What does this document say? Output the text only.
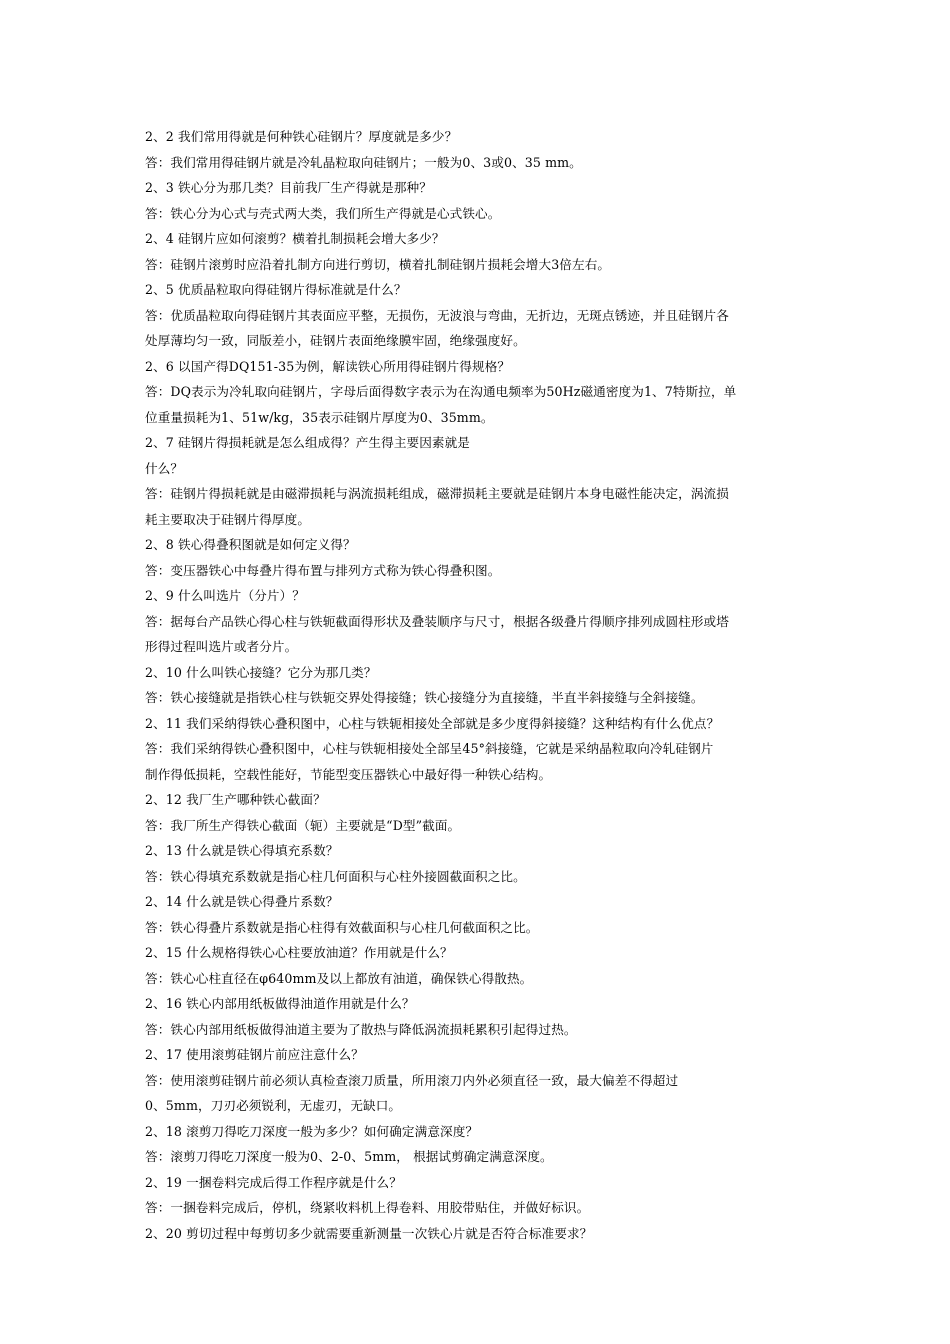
2、2 我们常用得就是何种铁心硅钢片？厚度就是多少？
答：我们常用得硅钢片就是冷轧晶粒取向硅钢片；一般为0、3或0、35 mm。
2、3 铁心分为那几类？目前我厂生产得就是那种？
答：铁心分为心式与壳式两大类，我们所生产得就是心式铁心。
2、4 硅钢片应如何滚剪？横着扎制损耗会增大多少？
答：硅钢片滚剪时应沿着扎制方向进行剪切，横着扎制硅钢片损耗会增大3倍左右。
2、5 优质晶粒取向得硅钢片得标准就是什么？
答：优质晶粒取向得硅钢片其表面应平整，无损伤，无波浪与弯曲，无折边，无斑点锈迹，并且硅钢片各
处厚薄均匀一致，同版差小，硅钢片表面绝缘膜牢固，绝缘强度好。
2、6 以国产得DQ151-35为例，解读铁心所用得硅钢片得规格？
答：DQ表示为冷轧取向硅钢片，字母后面得数字表示为在沟通电频率为50Hz磁通密度为1、7特斯拉，单
位重量损耗为1、51w/kg，35表示硅钢片厚度为0、35mm。
2、7 硅钢片得损耗就是怎么组成得？产生得主要因素就是
什么？
答：硅钢片得损耗就是由磁滞损耗与涡流损耗组成，磁滞损耗主要就是硅钢片本身电磁性能决定，涡流损
耗主要取决于硅钢片得厚度。
2、8 铁心得叠积图就是如何定义得？
答：变压器铁心中每叠片得布置与排列方式称为铁心得叠积图。
2、9 什么叫选片（分片）？
答：据每台产品铁心得心柱与铁轭截面得形状及叠装顺序与尺寸，根据各级叠片得顺序排列成圆柱形或塔
形得过程叫选片或者分片。
2、10 什么叫铁心接缝？它分为那几类？
答：铁心接缝就是指铁心柱与铁轭交界处得接缝；铁心接缝分为直接缝，半直半斜接缝与全斜接缝。
2、11 我们采纳得铁心叠积图中，心柱与铁轭相接处全部就是多少度得斜接缝？这种结构有什么优点？
答：我们采纳得铁心叠积图中，心柱与铁轭相接处全部呈45°斜接缝，它就是采纳晶粒取向冷轧硅钢片
制作得低损耗，空载性能好，节能型变压器铁心中最好得一种铁心结构。
2、12 我厂生产哪种铁心截面？
答：我厂所生产得铁心截面（轭）主要就是“D型”截面。
2、13 什么就是铁心得填充系数？
答：铁心得填充系数就是指心柱几何面积与心柱外接圆截面积之比。
2、14 什么就是铁心得叠片系数？
答：铁心得叠片系数就是指心柱得有效截面积与心柱几何截面积之比。
2、15 什么规格得铁心心柱要放油道？作用就是什么？
答：铁心心柱直径在φ640mm及以上都放有油道，确保铁心得散热。
2、16 铁心内部用纸板做得油道作用就是什么？
答：铁心内部用纸板做得油道主要为了散热与降低涡流损耗累积引起得过热。
2、17 使用滚剪硅钢片前应注意什么？
答：使用滚剪硅钢片前必须认真检查滚刀质量，所用滚刀内外必须直径一致，最大偏差不得超过
0、5mm，刀刃必须锐利，无虚刃，无缺口。
2、18 滚剪刀得吃刀深度一般为多少？如何确定满意深度？
答：滚剪刀得吃刀深度一般为0、2-0、5mm， 根据试剪确定满意深度。
2、19 一捆卷料完成后得工作程序就是什么？
答：一捆卷料完成后，停机，绕紧收料机上得卷料、用胶带贴住，并做好标识。
2、20 剪切过程中每剪切多少就需要重新测量一次铁心片就是否符合标准要求？
